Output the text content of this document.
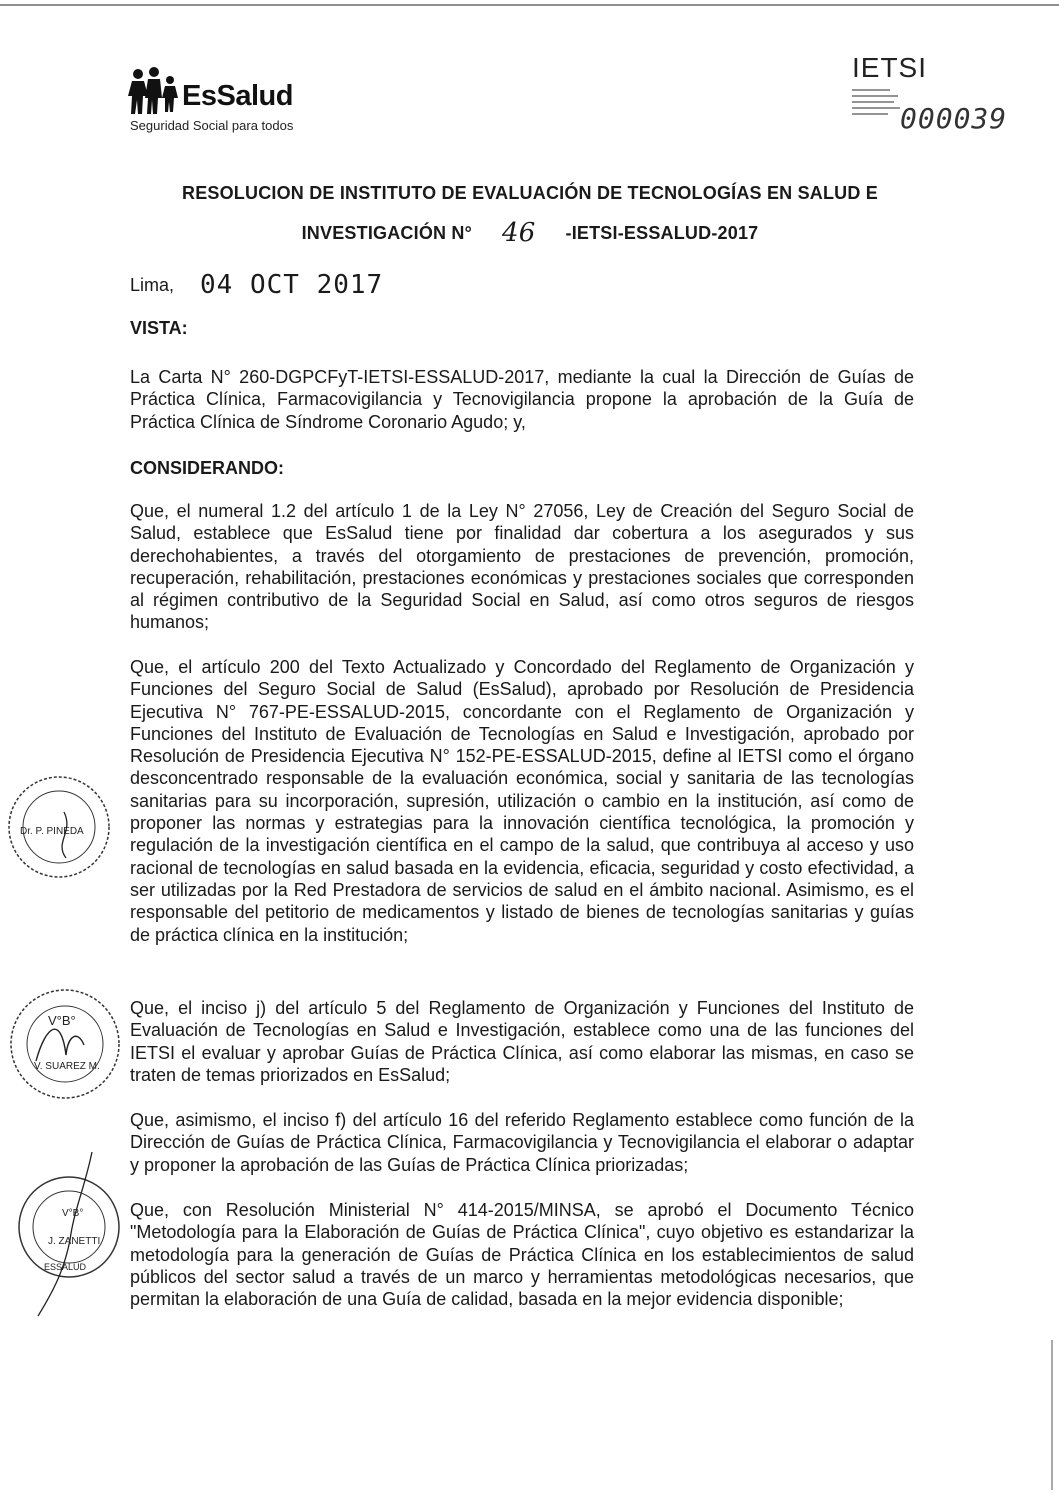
EsSalud
Seguridad Social para todos
IETSI
000039
RESOLUCION DE INSTITUTO DE EVALUACIÓN DE TECNOLOGÍAS EN SALUD E
INVESTIGACIÓN N° 46 -IETSI-ESSALUD-2017
Lima, 04 OCT 2017
VISTA:
La Carta N° 260-DGPCFyT-IETSI-ESSALUD-2017, mediante la cual la Dirección de Guías de Práctica Clínica, Farmacovigilancia y Tecnovigilancia propone la aprobación de la Guía de Práctica Clínica de Síndrome Coronario Agudo; y,
CONSIDERANDO:
Que, el numeral 1.2 del artículo 1 de la Ley N° 27056, Ley de Creación del Seguro Social de Salud, establece que EsSalud tiene por finalidad dar cobertura a los asegurados y sus derechohabientes, a través del otorgamiento de prestaciones de prevención, promoción, recuperación, rehabilitación, prestaciones económicas y prestaciones sociales que corresponden al régimen contributivo de la Seguridad Social en Salud, así como otros seguros de riesgos humanos;
Que, el artículo 200 del Texto Actualizado y Concordado del Reglamento de Organización y Funciones del Seguro Social de Salud (EsSalud), aprobado por Resolución de Presidencia Ejecutiva N° 767-PE-ESSALUD-2015, concordante con el Reglamento de Organización y Funciones del Instituto de Evaluación de Tecnologías en Salud e Investigación, aprobado por Resolución de Presidencia Ejecutiva N° 152-PE-ESSALUD-2015, define al IETSI como el órgano desconcentrado responsable de la evaluación económica, social y sanitaria de las tecnologías sanitarias para su incorporación, supresión, utilización o cambio en la institución, así como de proponer las normas y estrategias para la innovación científica tecnológica, la promoción y regulación de la investigación científica en el campo de la salud, que contribuya al acceso y uso racional de tecnologías en salud basada en la evidencia, eficacia, seguridad y costo efectividad, a ser utilizadas por la Red Prestadora de servicios de salud en el ámbito nacional. Asimismo, es el responsable del petitorio de medicamentos y listado de bienes de tecnologías sanitarias y guías de práctica clínica en la institución;
Que, el inciso j) del artículo 5 del Reglamento de Organización y Funciones del Instituto de Evaluación de Tecnologías en Salud e Investigación, establece como una de las funciones del IETSI el evaluar y aprobar Guías de Práctica Clínica, así como elaborar las mismas, en caso se traten de temas priorizados en EsSalud;
Que, asimismo, el inciso f) del artículo 16 del referido Reglamento establece como función de la Dirección de Guías de Práctica Clínica, Farmacovigilancia y Tecnovigilancia el elaborar o adaptar y proponer la aprobación de las Guías de Práctica Clínica priorizadas;
Que, con Resolución Ministerial N° 414-2015/MINSA, se aprobó el Documento Técnico "Metodología para la Elaboración de Guías de Práctica Clínica", cuyo objetivo es estandarizar la metodología para la generación de Guías de Práctica Clínica en los establecimientos de salud públicos del sector salud a través de un marco y herramientas metodológicas necesarios, que permitan la elaboración de una Guía de calidad, basada en la mejor evidencia disponible;
Dr. P. PINEDA
V°B°
V. SUAREZ M.
V°B°
J. ZANETTI
ESSALUD
